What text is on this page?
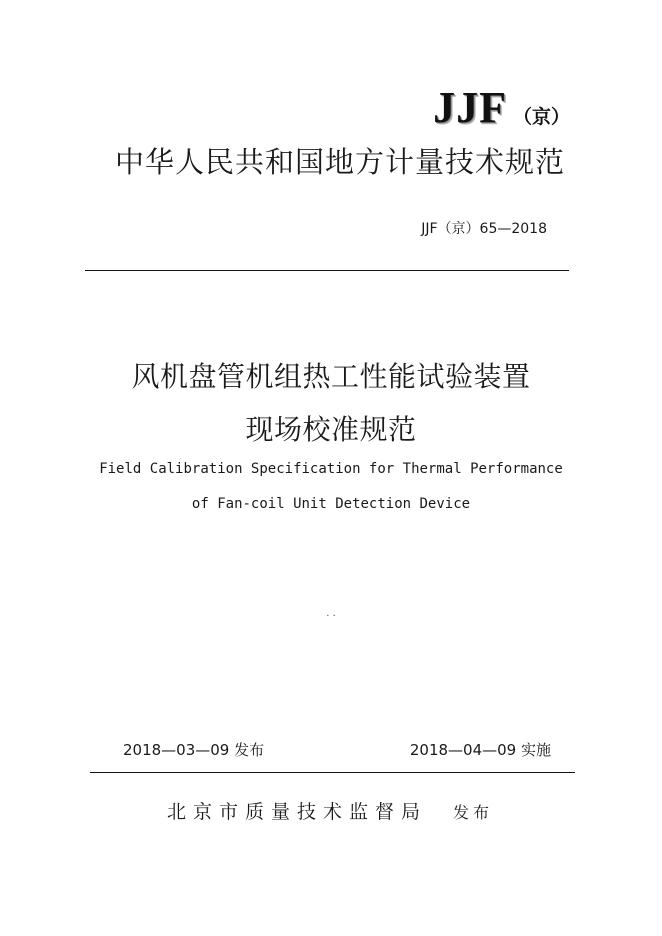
JJF （京）
中华人民共和国地方计量技术规范
JJF（京）65—2018
风机盘管机组热工性能试验装置
现场校准规范
Field Calibration Specification for Thermal Performance
of Fan-coil Unit Detection Device
. .
2018—03—09 发布	2018—04—09 实施
北京市质量技术监督局 发布
